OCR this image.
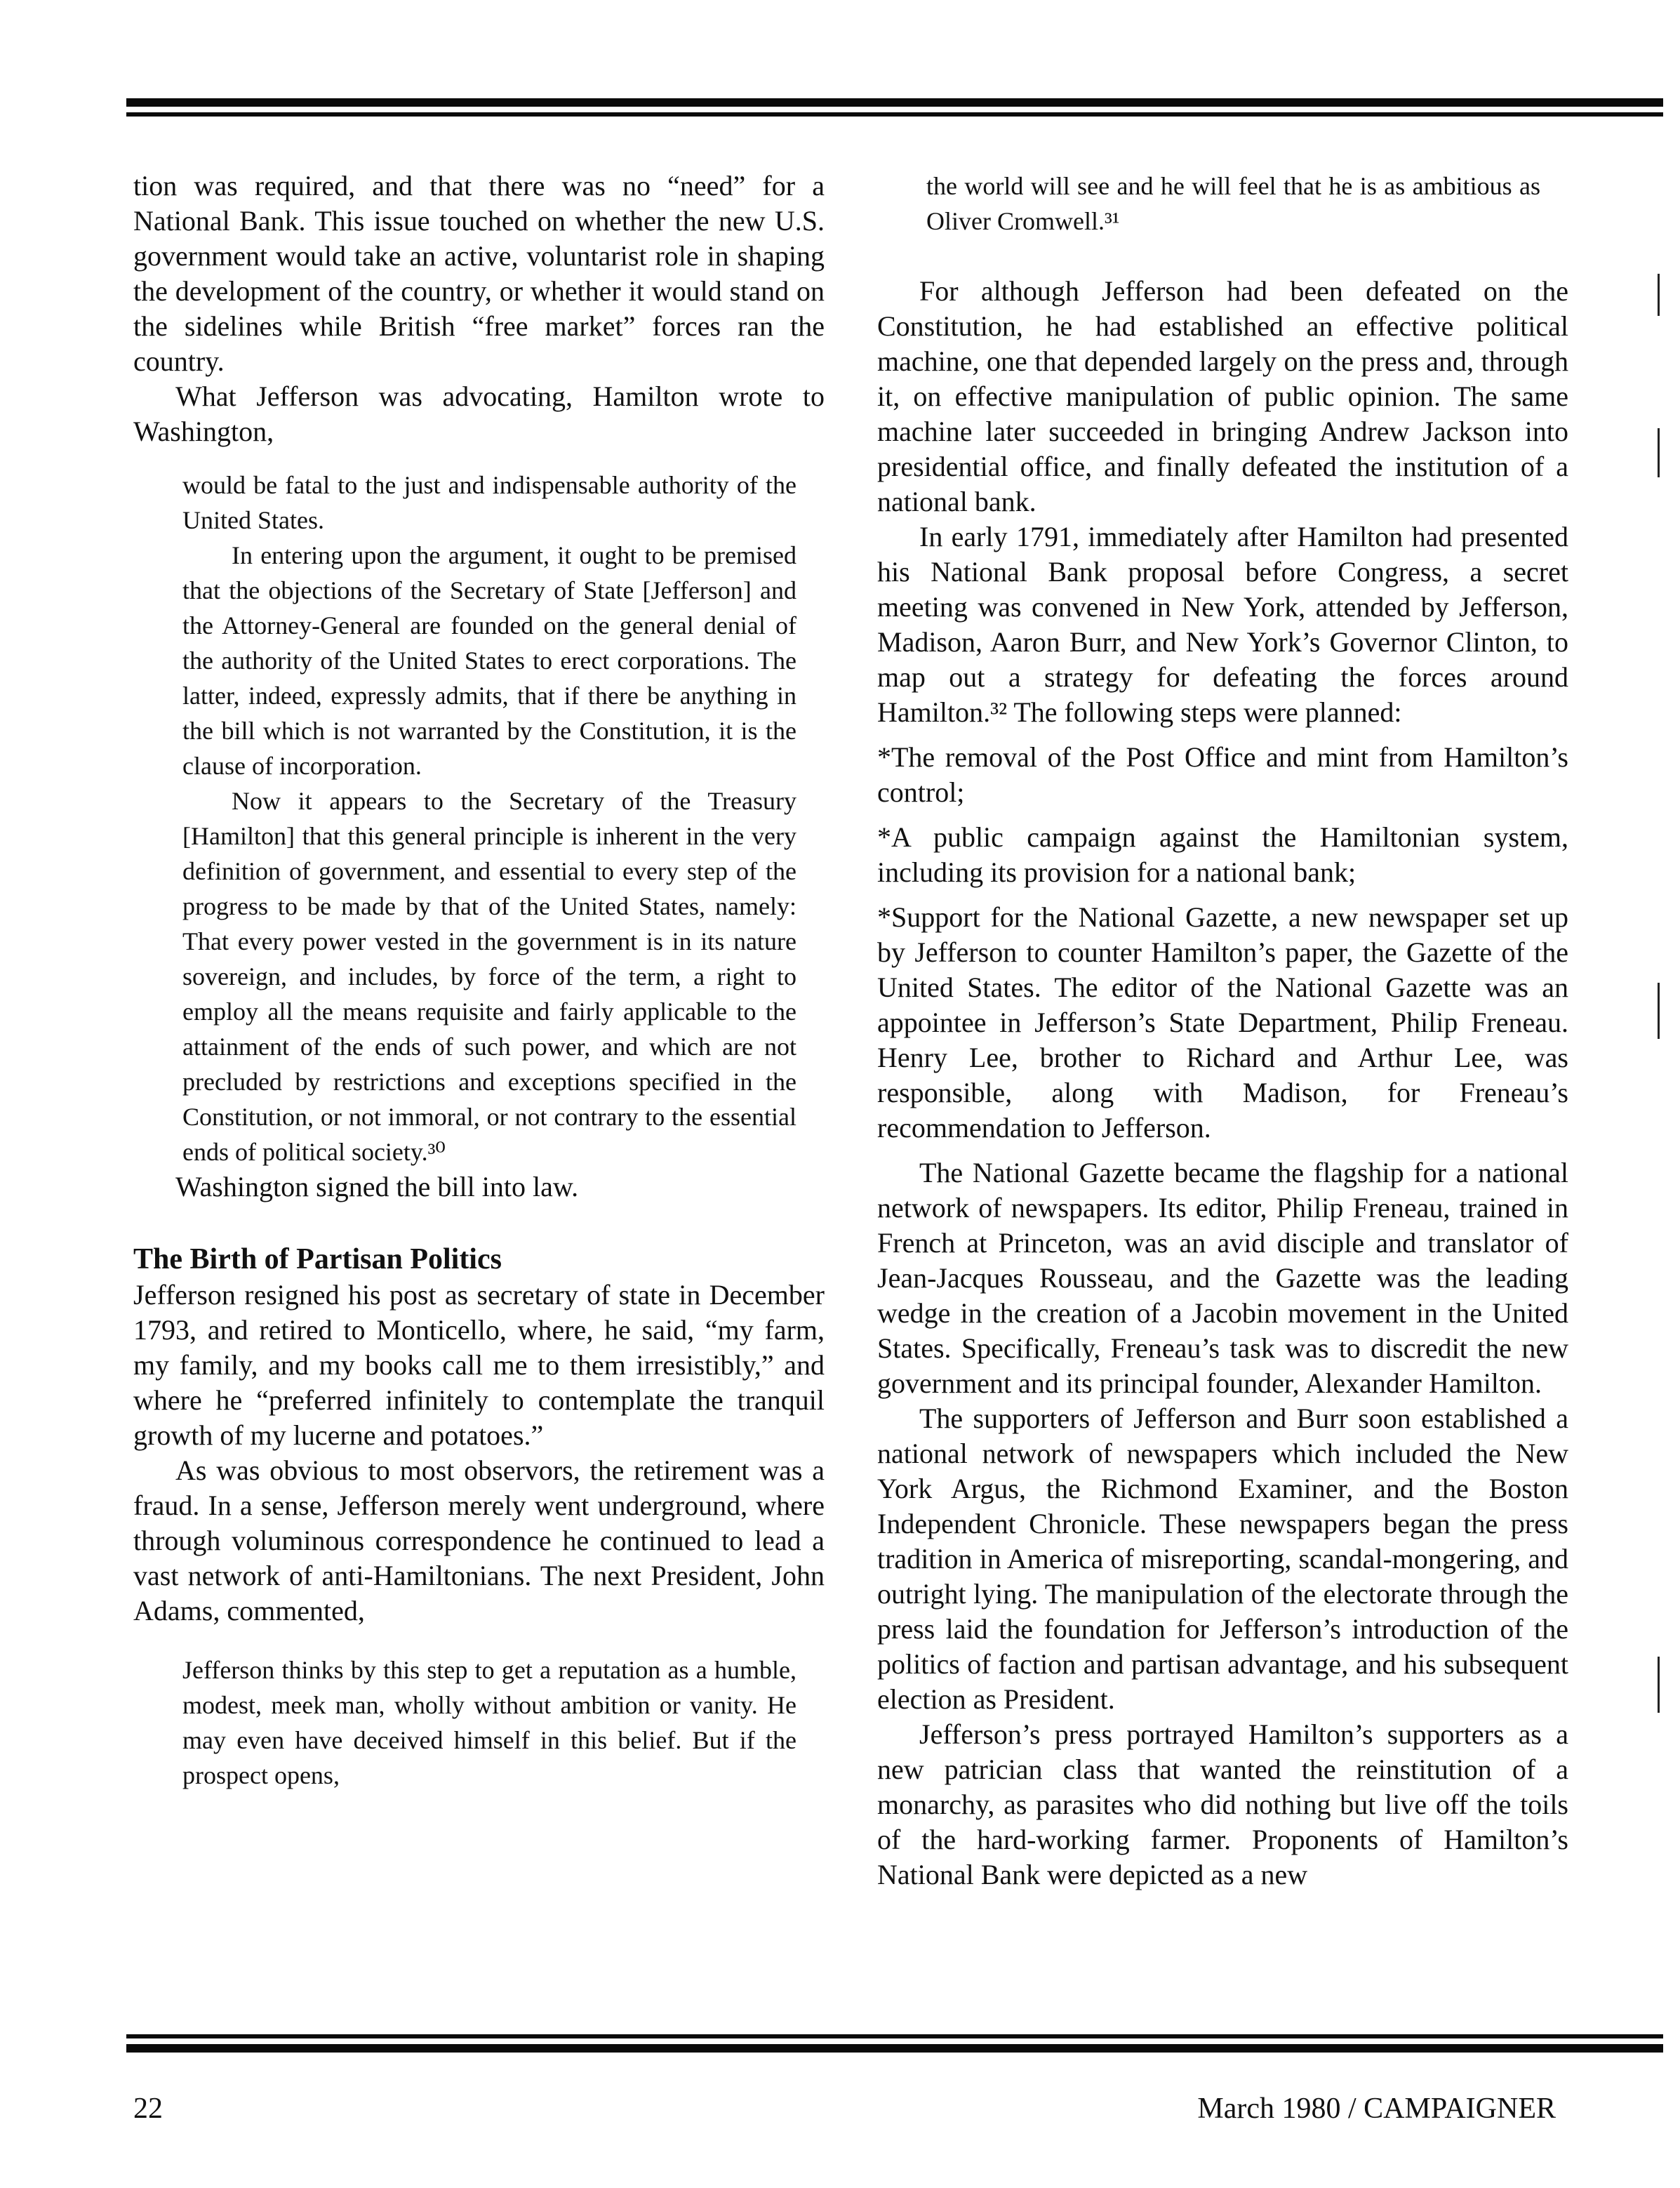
tion was required, and that there was no “need” for a National Bank. This issue touched on whether the new U.S. government would take an active, voluntarist role in shaping the development of the country, or whether it would stand on the sidelines while British “free market” forces ran the country.

What Jefferson was advocating, Hamilton wrote to Washington,

would be fatal to the just and indispensable authority of the United States.

In entering upon the argument, it ought to be premised that the objections of the Secretary of State [Jefferson] and the Attorney-General are founded on the general denial of the authority of the United States to erect corporations. The latter, indeed, expressly admits, that if there be anything in the bill which is not warranted by the Constitution, it is the clause of incorporation.

Now it appears to the Secretary of the Treasury [Hamilton] that this general principle is inherent in the very definition of government, and essential to every step of the progress to be made by that of the United States, namely: That every power vested in the government is in its nature sovereign, and includes, by force of the term, a right to employ all the means requisite and fairly applicable to the attainment of the ends of such power, and which are not precluded by restrictions and exceptions specified in the Constitution, or not immoral, or not contrary to the essential ends of political society.³⁰

Washington signed the bill into law.

The Birth of Partisan Politics

Jefferson resigned his post as secretary of state in December 1793, and retired to Monticello, where, he said, “my farm, my family, and my books call me to them irresistibly,” and where he “preferred infinitely to contemplate the tranquil growth of my lucerne and potatoes.”

As was obvious to most observors, the retirement was a fraud. In a sense, Jefferson merely went underground, where through voluminous correspondence he continued to lead a vast network of anti-Hamiltonians. The next President, John Adams, commented,

Jefferson thinks by this step to get a reputation as a humble, modest, meek man, wholly without ambition or vanity. He may even have deceived himself in this belief. But if the prospect opens,

the world will see and he will feel that he is as ambitious as Oliver Cromwell.³¹

For although Jefferson had been defeated on the Constitution, he had established an effective political machine, one that depended largely on the press and, through it, on effective manipulation of public opinion. The same machine later succeeded in bringing Andrew Jackson into presidential office, and finally defeated the institution of a national bank.

In early 1791, immediately after Hamilton had presented his National Bank proposal before Congress, a secret meeting was convened in New York, attended by Jefferson, Madison, Aaron Burr, and New York’s Governor Clinton, to map out a strategy for defeating the forces around Hamilton.³² The following steps were planned:

*The removal of the Post Office and mint from Hamilton’s control;

*A public campaign against the Hamiltonian system, including its provision for a national bank;

*Support for the National Gazette, a new newspaper set up by Jefferson to counter Hamilton’s paper, the Gazette of the United States. The editor of the National Gazette was an appointee in Jefferson’s State Department, Philip Freneau. Henry Lee, brother to Richard and Arthur Lee, was responsible, along with Madison, for Freneau’s recommendation to Jefferson.

The National Gazette became the flagship for a national network of newspapers. Its editor, Philip Freneau, trained in French at Princeton, was an avid disciple and translator of Jean-Jacques Rousseau, and the Gazette was the leading wedge in the creation of a Jacobin movement in the United States. Specifically, Freneau’s task was to discredit the new government and its principal founder, Alexander Hamilton.

The supporters of Jefferson and Burr soon established a national network of newspapers which included the New York Argus, the Richmond Examiner, and the Boston Independent Chronicle. These newspapers began the press tradition in America of misreporting, scandal-mongering, and outright lying. The manipulation of the electorate through the press laid the foundation for Jefferson’s introduction of the politics of faction and partisan advantage, and his subsequent election as President.

Jefferson’s press portrayed Hamilton’s supporters as a new patrician class that wanted the reinstitution of a monarchy, as parasites who did nothing but live off the toils of the hard-working farmer. Proponents of Hamilton’s National Bank were depicted as a new

22	March 1980 / CAMPAIGNER
